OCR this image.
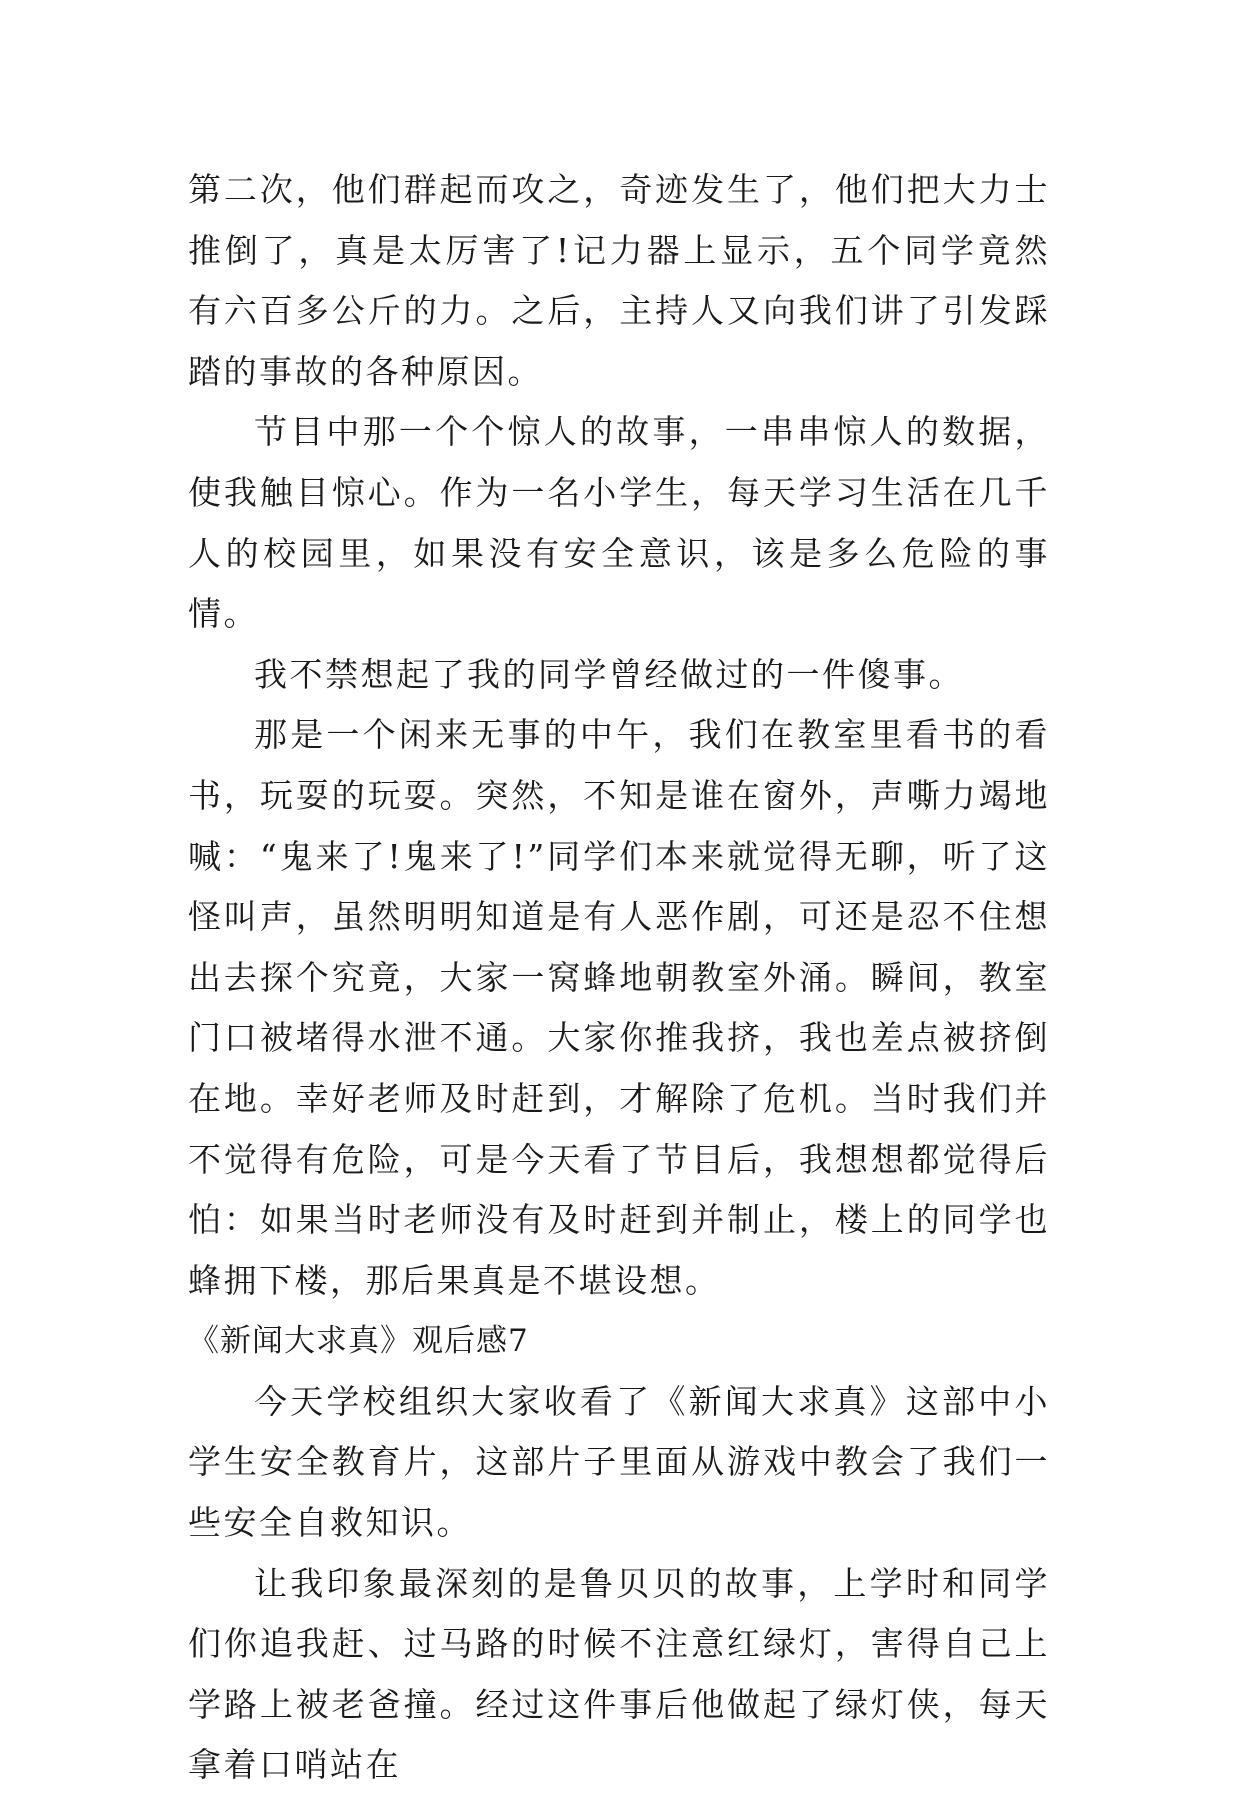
第二次，他们群起而攻之，奇迹发生了，他们把大力士推倒了，真是太厉害了!记力器上显示，五个同学竟然有六百多公斤的力。之后，主持人又向我们讲了引发踩踏的事故的各种原因。

节目中那一个个惊人的故事，一串串惊人的数据，使我触目惊心。作为一名小学生，每天学习生活在几千人的校园里，如果没有安全意识，该是多么危险的事情。

我不禁想起了我的同学曾经做过的一件傻事。

那是一个闲来无事的中午，我们在教室里看书的看书，玩耍的玩耍。突然，不知是谁在窗外，声嘶力竭地喊：“鬼来了!鬼来了!”同学们本来就觉得无聊，听了这怪叫声，虽然明明知道是有人恶作剧，可还是忍不住想出去探个究竟，大家一窝蜂地朝教室外涌。瞬间，教室门口被堵得水泄不通。大家你推我挤，我也差点被挤倒在地。幸好老师及时赶到，才解除了危机。当时我们并不觉得有危险，可是今天看了节目后，我想想都觉得后怕：如果当时老师没有及时赶到并制止，楼上的同学也蜂拥下楼，那后果真是不堪设想。

《新闻大求真》观后感7

今天学校组织大家收看了《新闻大求真》这部中小学生安全教育片，这部片子里面从游戏中教会了我们一些安全自救知识。

让我印象最深刻的是鲁贝贝的故事，上学时和同学们你追我赶、过马路的时候不注意红绿灯，害得自己上学路上被老爸撞。经过这件事后他做起了绿灯侠，每天拿着口哨站在
